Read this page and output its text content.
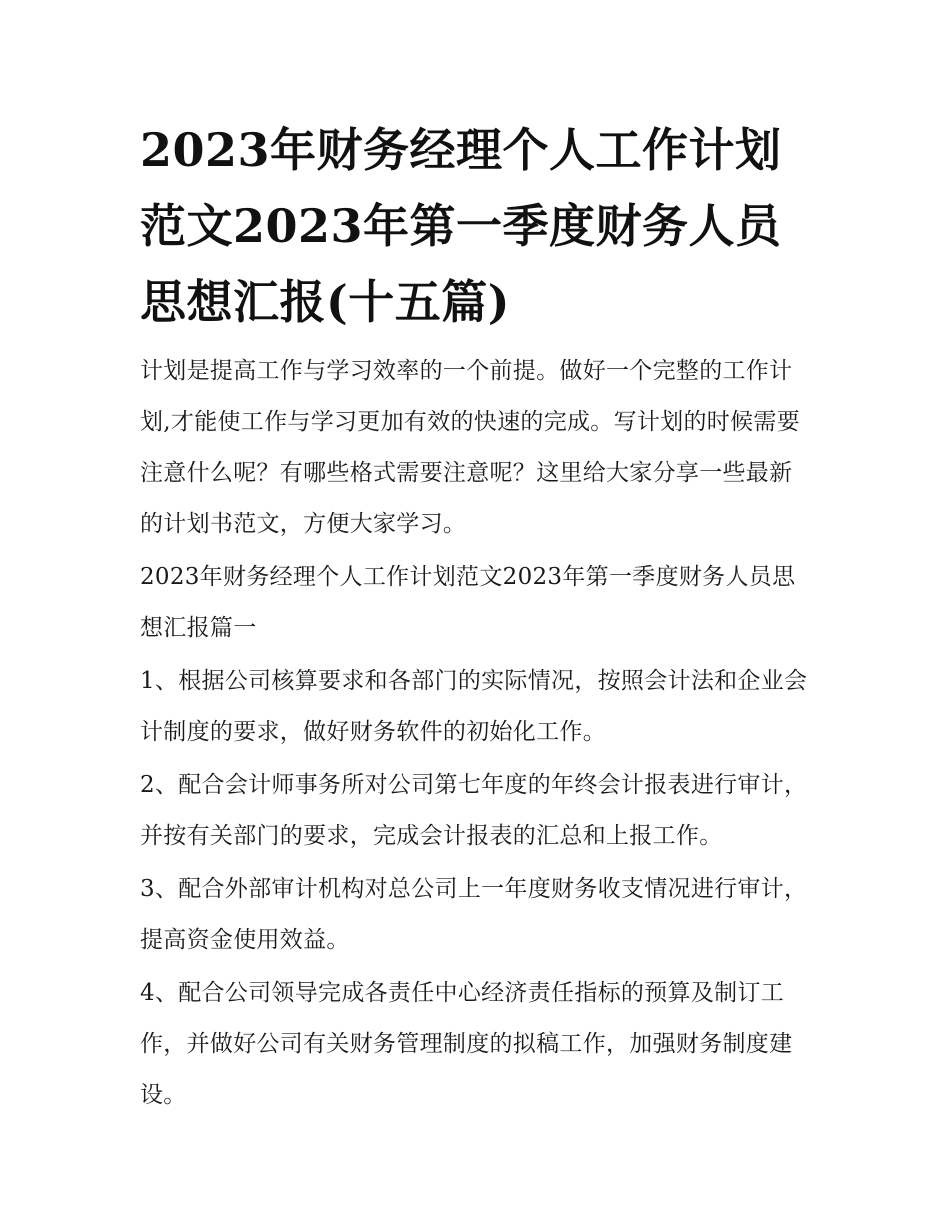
2023年财务经理个人工作计划范文2023年第一季度财务人员思想汇报(十五篇)

计划是提高工作与学习效率的一个前提。做好一个完整的工作计划,才能使工作与学习更加有效的快速的完成。写计划的时候需要注意什么呢？有哪些格式需要注意呢？这里给大家分享一些最新的计划书范文，方便大家学习。

2023年财务经理个人工作计划范文2023年第一季度财务人员思想汇报篇一

1、根据公司核算要求和各部门的实际情况，按照会计法和企业会计制度的要求，做好财务软件的初始化工作。

2、配合会计师事务所对公司第七年度的年终会计报表进行审计，并按有关部门的要求，完成会计报表的汇总和上报工作。

3、配合外部审计机构对总公司上一年度财务收支情况进行审计，提高资金使用效益。

4、配合公司领导完成各责任中心经济责任指标的预算及制订工作，并做好公司有关财务管理制度的拟稿工作，加强财务制度建设。
